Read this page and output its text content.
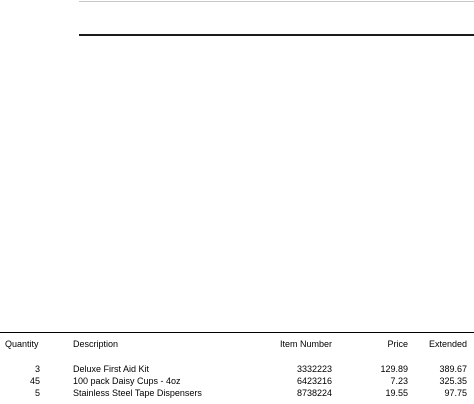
Quantity	Description	Item Number	Price	Extended
3	Deluxe First Aid Kit	3332223	129.89	389.67
45	100 pack Daisy Cups - 4oz	6423216	7.23	325.35
5	Stainless Steel Tape Dispensers	8738224	19.55	97.75
